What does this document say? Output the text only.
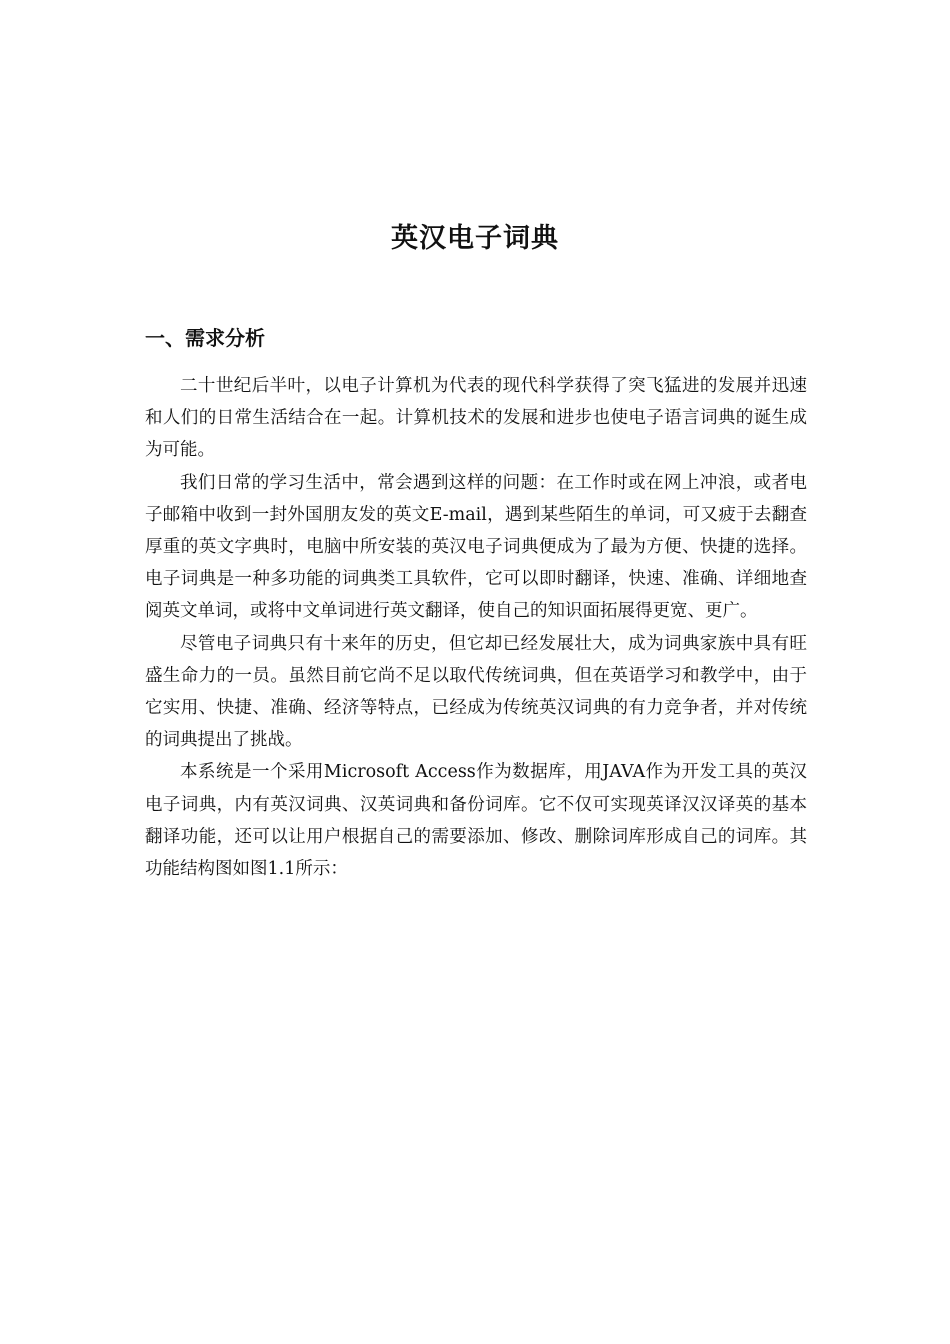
英汉电子词典
一、需求分析

二十世纪后半叶，以电子计算机为代表的现代科学获得了突飞猛进的发展并迅速和人们的日常生活结合在一起。计算机技术的发展和进步也使电子语言词典的诞生成为可能。

我们日常的学习生活中，常会遇到这样的问题：在工作时或在网上冲浪，或者电子邮箱中收到一封外国朋友发的英文E-mail，遇到某些陌生的单词，可又疲于去翻查厚重的英文字典时，电脑中所安装的英汉电子词典便成为了最为方便、快捷的选择。电子词典是一种多功能的词典类工具软件，它可以即时翻译，快速、准确、详细地查阅英文单词，或将中文单词进行英文翻译，使自己的知识面拓展得更宽、更广。

尽管电子词典只有十来年的历史，但它却已经发展壮大，成为词典家族中具有旺盛生命力的一员。虽然目前它尚不足以取代传统词典，但在英语学习和教学中，由于它实用、快捷、准确、经济等特点，已经成为传统英汉词典的有力竞争者，并对传统的词典提出了挑战。

本系统是一个采用Microsoft Access作为数据库，用JAVA作为开发工具的英汉电子词典，内有英汉词典、汉英词典和备份词库。它不仅可实现英译汉汉译英的基本翻译功能，还可以让用户根据自己的需要添加、修改、删除词库形成自己的词库。其功能结构图如图1.1所示：
